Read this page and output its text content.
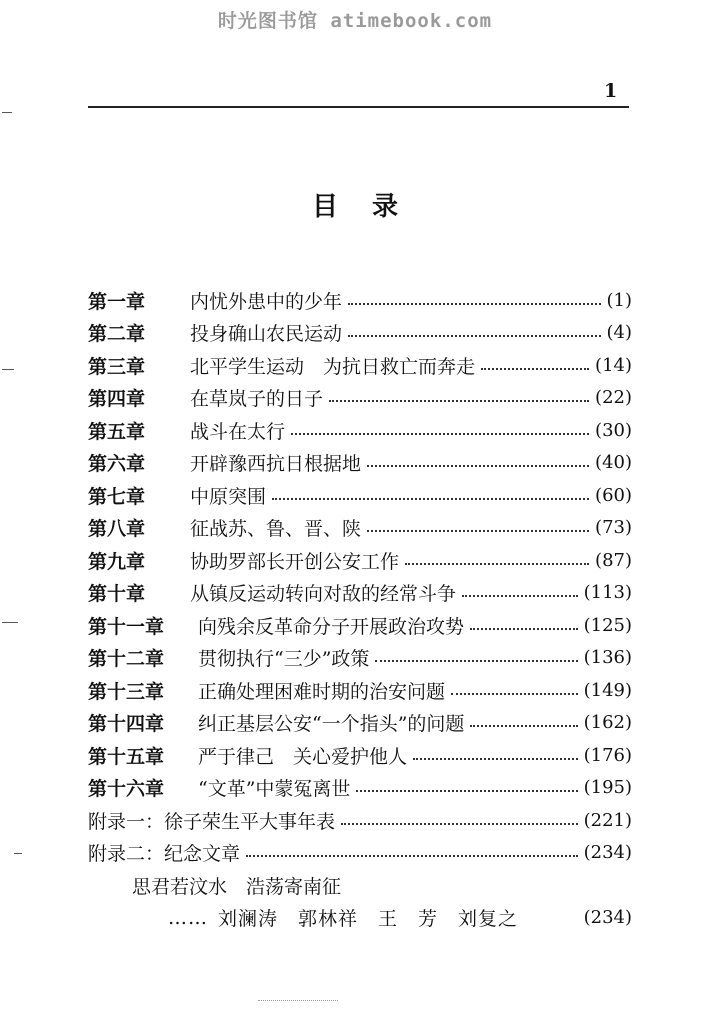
时光图书馆 atimebook.com
1
目录
第一章	内忧外患中的少年	(1)
第二章	投身确山农民运动	(4)
第三章	北平学生运动　为抗日救亡而奔走	(14)
第四章	在草岚子的日子	(22)
第五章	战斗在太行	(30)
第六章	开辟豫西抗日根据地	(40)
第七章	中原突围	(60)
第八章	征战苏、鲁、晋、陕	(73)
第九章	协助罗部长开创公安工作	(87)
第十章	从镇反运动转向对敌的经常斗争	(113)
第十一章	向残余反革命分子开展政治攻势	(125)
第十二章	贯彻执行“三少”政策	(136)
第十三章	正确处理困难时期的治安问题	(149)
第十四章	纠正基层公安“一个指头”的问题	(162)
第十五章	严于律己　关心爱护他人	(176)
第十六章	“文革”中蒙冤离世	(195)
附录一：徐子荣生平大事年表	(221)
附录二：纪念文章	(234)
思君若汶水　浩荡寄南征
…… 刘澜涛　郭林祥　王　芳　刘复之	(234)
